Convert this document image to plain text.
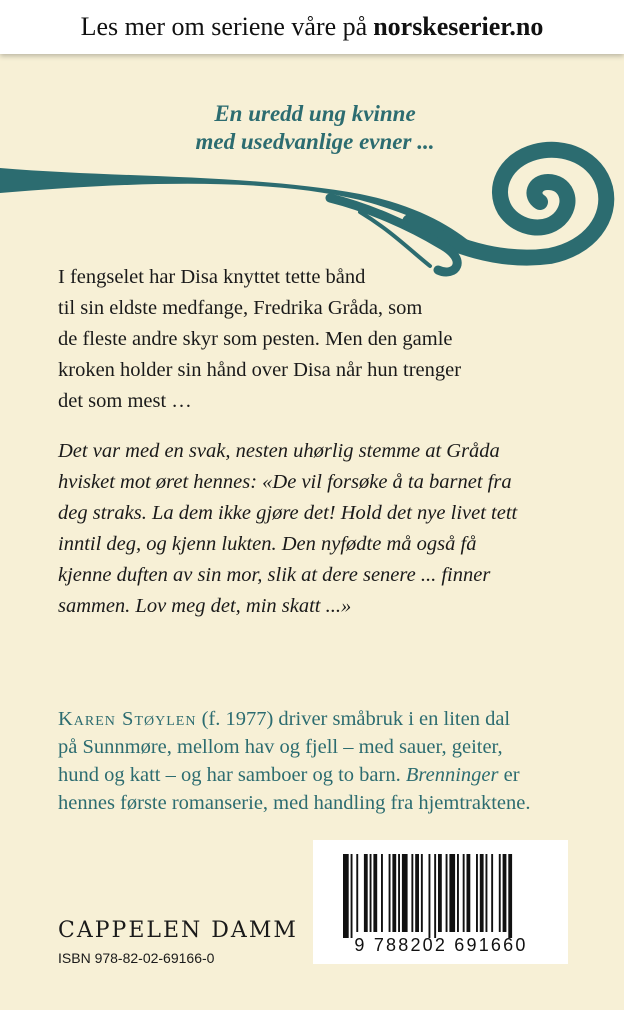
Les mer om seriene våre på norskeserier.no
En uredd ung kvinne
med usedvanlige evner ...
I fengselet har Disa knyttet tette bånd
til sin eldste medfange, Fredrika Gråda, som
de fleste andre skyr som pesten. Men den gamle
kroken holder sin hånd over Disa når hun trenger
det som mest …
Det var med en svak, nesten uhørlig stemme at Gråda
hvisket mot øret hennes: «De vil forsøke å ta barnet fra
deg straks. La dem ikke gjøre det! Hold det nye livet tett
inntil deg, og kjenn lukten. Den nyfødte må også få
kjenne duften av sin mor, slik at dere senere ... finner
sammen. Lov meg det, min skatt ...»
Karen Støylen (f. 1977) driver småbruk i en liten dal
på Sunnmøre, mellom hav og fjell – med sauer, geiter,
hund og katt – og har samboer og to barn. Brenninger er
hennes første romanserie, med handling fra hjemtraktene.
CAPPELEN DAMM
ISBN 978-82-02-69166-0
9 788202 691660
